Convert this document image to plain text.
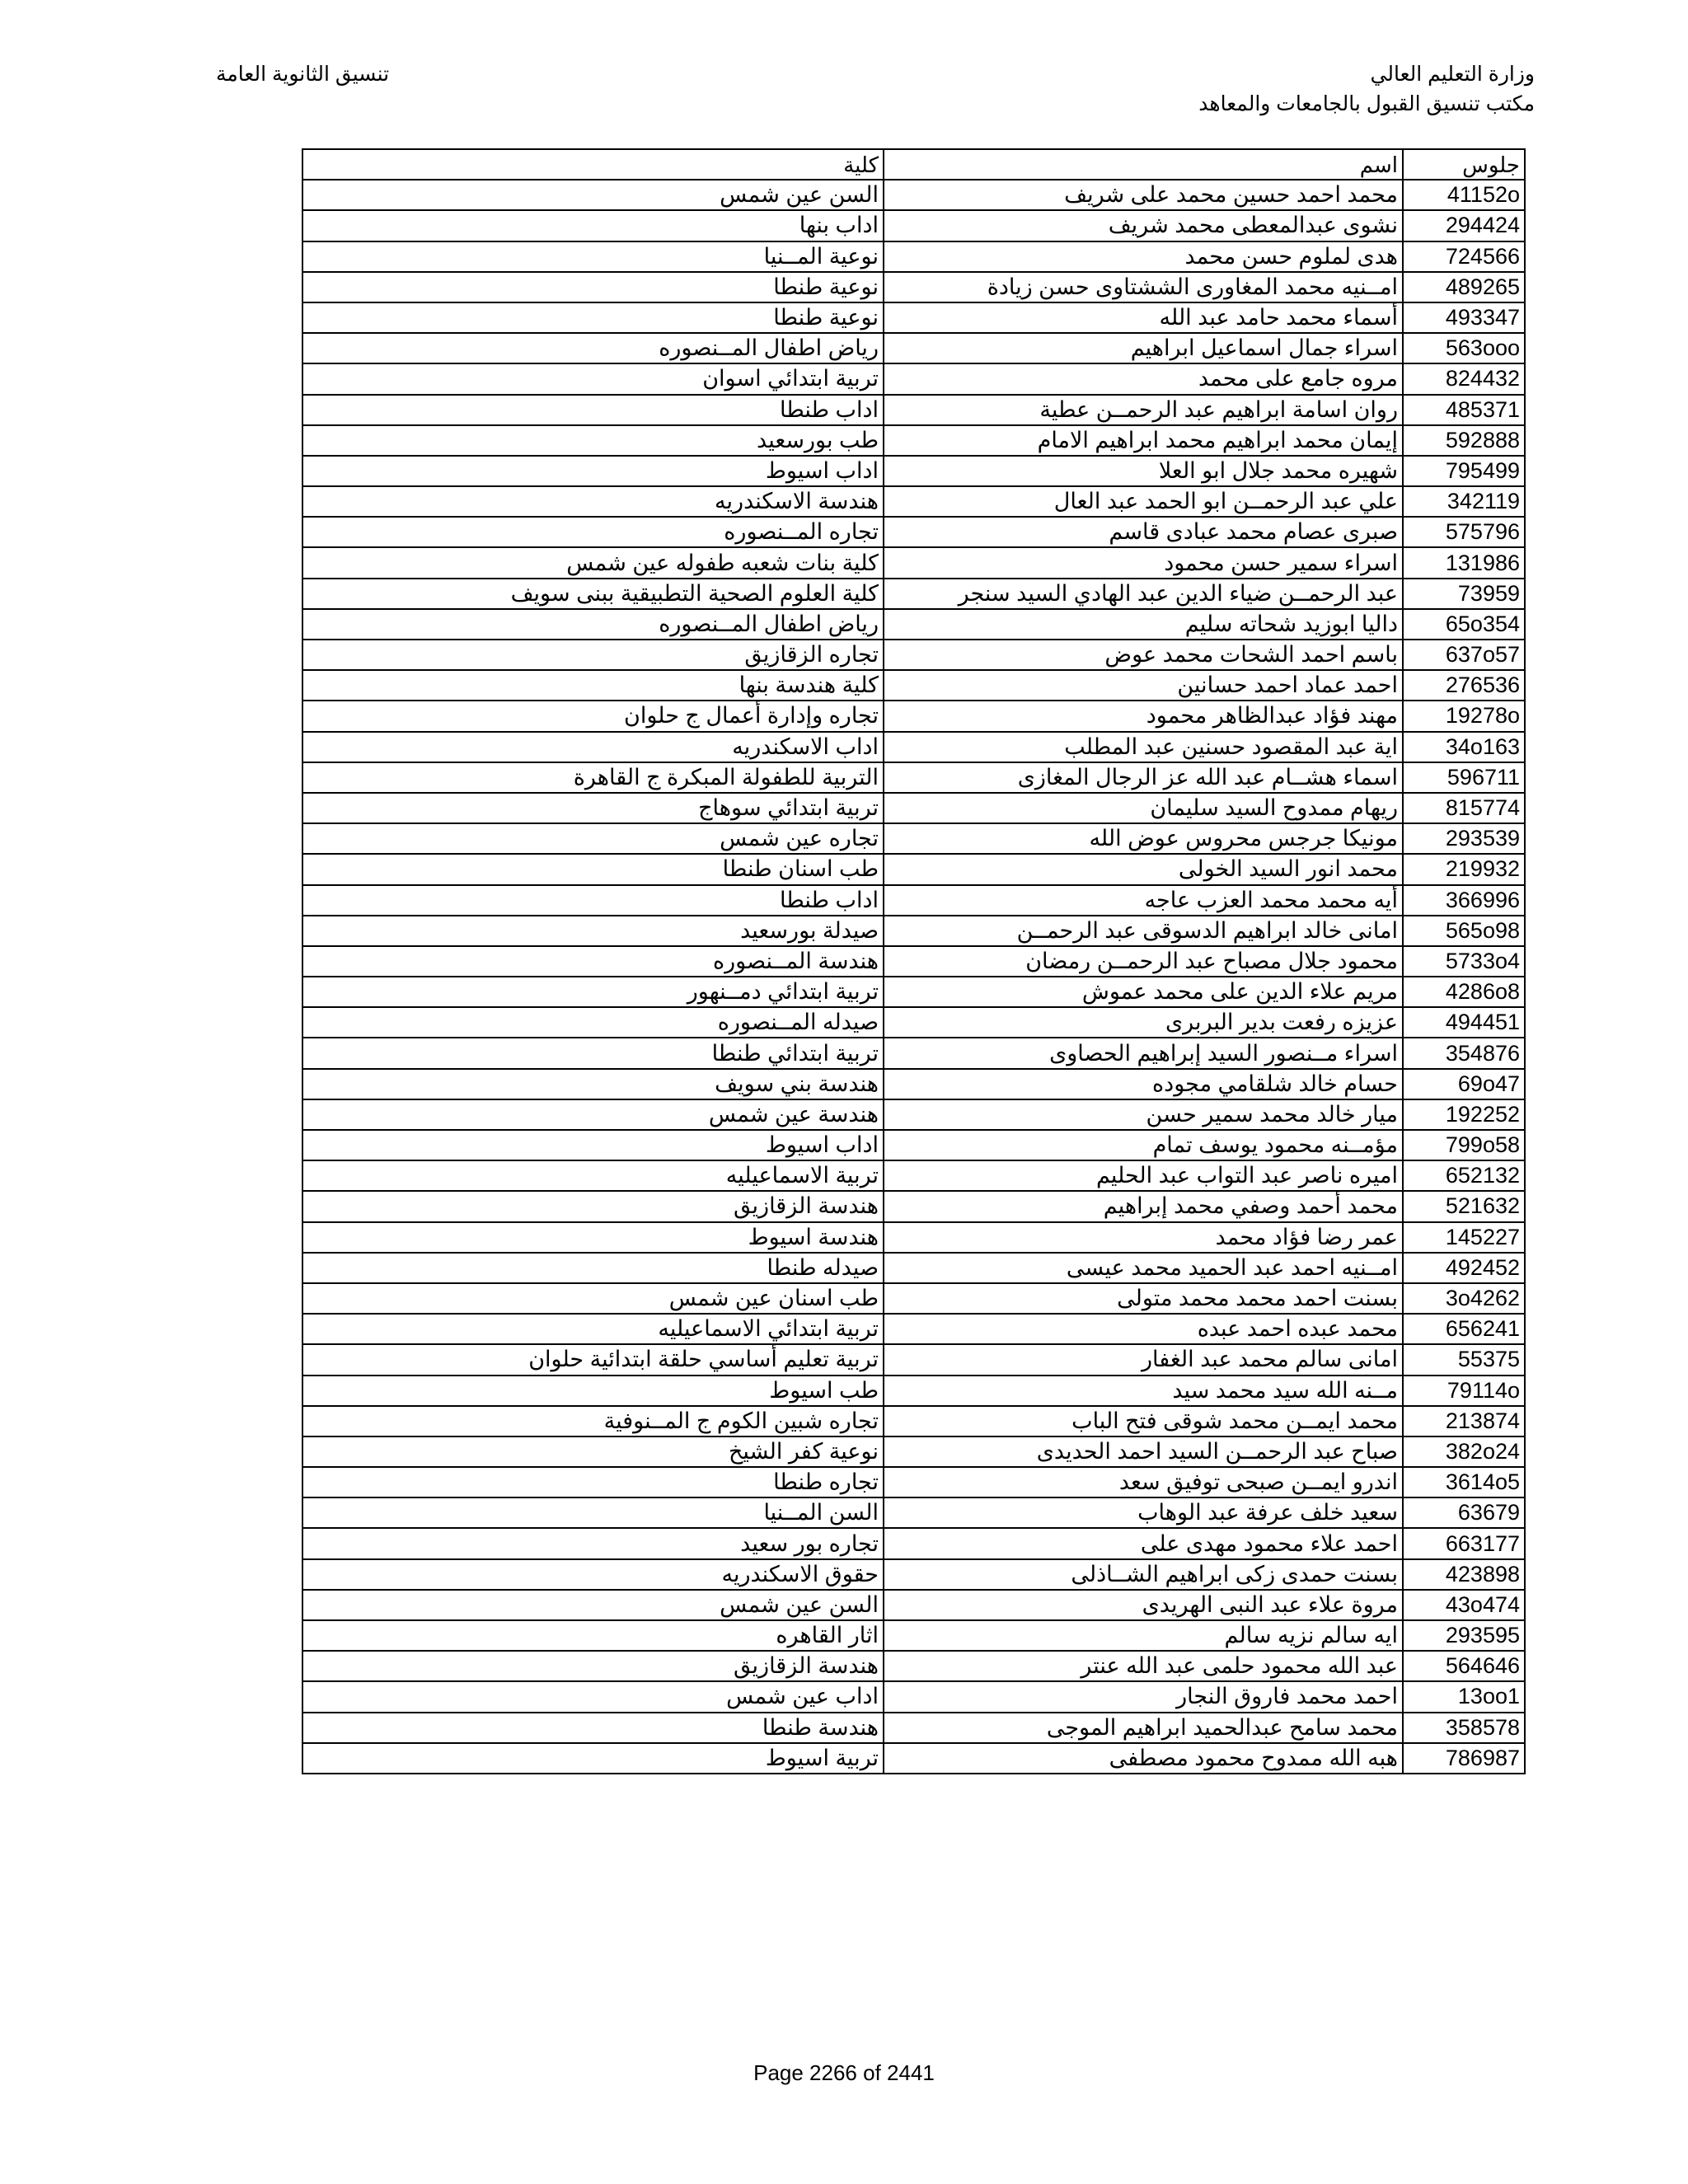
وزارة التعليم العالي
مكتب تنسيق القبول بالجامعات والمعاهد
تنسيق الثانوية العامة
جلوس	اسم	كلية
41152o	محمد احمد حسين محمد على شريف	السن عين شمس
294424	نشوى عبدالمعطى محمد شريف	اداب بنها
724566	هدى لملوم حسن محمد	نوعية المــنيا
489265	امــنيه محمد المغاورى الششتاوى حسن زيادة	نوعية طنطا
493347	أسماء محمد حامد عبد الله	نوعية طنطا
563ooo	اسراء جمال اسماعيل ابراهيم	رياض اطفال المــنصوره
824432	مروه جامع على محمد	تربية ابتدائي اسوان
485371	روان اسامة ابراهيم عبد الرحمــن عطية	اداب طنطا
592888	إيمان محمد ابراهيم محمد ابراهيم الامام	طب بورسعيد
795499	شهيره محمد جلال ابو العلا	اداب اسيوط
342119	علي عبد الرحمــن ابو الحمد عبد العال	هندسة الاسكندريه
575796	صبرى عصام محمد عبادى قاسم	تجاره المــنصوره
131986	اسراء سمير حسن محمود	كلية بنات شعبه طفوله عين شمس
73959	عبد الرحمــن ضياء الدين عبد الهادي السيد سنجر	كلية العلوم الصحية التطبيقية ببنى سويف
65o354	داليا ابوزيد شحاته سليم	رياض اطفال المــنصوره
637o57	باسم احمد الشحات محمد عوض	تجاره الزقازيق
276536	احمد عماد احمد حسانين	كلية هندسة بنها
19278o	مهند فؤاد عبدالظاهر محمود	تجاره وإدارة أعمال ج حلوان
34o163	اية عبد المقصود حسنين عبد المطلب	اداب الاسكندريه
596711	اسماء هشــام عبد الله عز الرجال المغازى	التربية للطفولة المبكرة ج القاهرة
815774	ريهام ممدوح السيد سليمان	تربية ابتدائي سوهاج
293539	مونيكا جرجس محروس عوض الله	تجاره عين شمس
219932	محمد انور السيد الخولى	طب اسنان طنطا
366996	أيه محمد محمد العزب عاجه	اداب طنطا
565o98	امانى خالد ابراهيم الدسوقى عبد الرحمــن	صيدلة بورسعيد
5733o4	محمود جلال مصباح عبد الرحمــن رمضان	هندسة المــنصوره
4286o8	مريم علاء الدين على محمد عموش	تربية ابتدائي دمــنهور
494451	عزيزه رفعت بدير البربرى	صيدله المــنصوره
354876	اسراء مــنصور السيد إبراهيم الحصاوى	تربية ابتدائي طنطا
69o47	حسام خالد شلقامي مجوده	هندسة بني سويف
192252	ميار خالد محمد سمير حسن	هندسة عين شمس
799o58	مؤمــنه محمود يوسف تمام	اداب اسيوط
652132	اميره ناصر عبد التواب عبد الحليم	تربية الاسماعيليه
521632	محمد أحمد وصفي محمد إبراهيم	هندسة الزقازيق
145227	عمر رضا فؤاد محمد	هندسة اسيوط
492452	امــنيه احمد عبد الحميد محمد عيسى	صيدله طنطا
3o4262	بسنت احمد محمد محمد متولى	طب اسنان عين شمس
656241	محمد عبده احمد عبده	تربية ابتدائي الاسماعيليه
55375	امانى سالم محمد عبد الغفار	تربية تعليم أساسي حلقة ابتدائية حلوان
79114o	مــنه الله سيد محمد سيد	طب اسيوط
213874	محمد ايمــن محمد شوقى فتح الباب	تجاره شبين الكوم ج المــنوفية
382o24	صباح عبد الرحمــن السيد احمد الحديدى	نوعية كفر الشيخ
3614o5	اندرو ايمــن صبحى توفيق سعد	تجاره طنطا
63679	سعيد خلف عرفة عبد الوهاب	السن المــنيا
663177	احمد علاء محمود مهدى على	تجاره بور سعيد
423898	بسنت حمدى زكى ابراهيم الشــاذلى	حقوق الاسكندريه
43o474	مروة علاء عبد النبى الهريدى	السن عين شمس
293595	ايه سالم نزيه سالم	اثار القاهره
564646	عبد الله محمود حلمى عبد الله عنتر	هندسة الزقازيق
13oo1	احمد محمد فاروق النجار	اداب عين شمس
358578	محمد سامح عبدالحميد ابراهيم الموجى	هندسة طنطا
786987	هبه الله ممدوح محمود مصطفى	تربية اسيوط
Page 2266 of 2441
